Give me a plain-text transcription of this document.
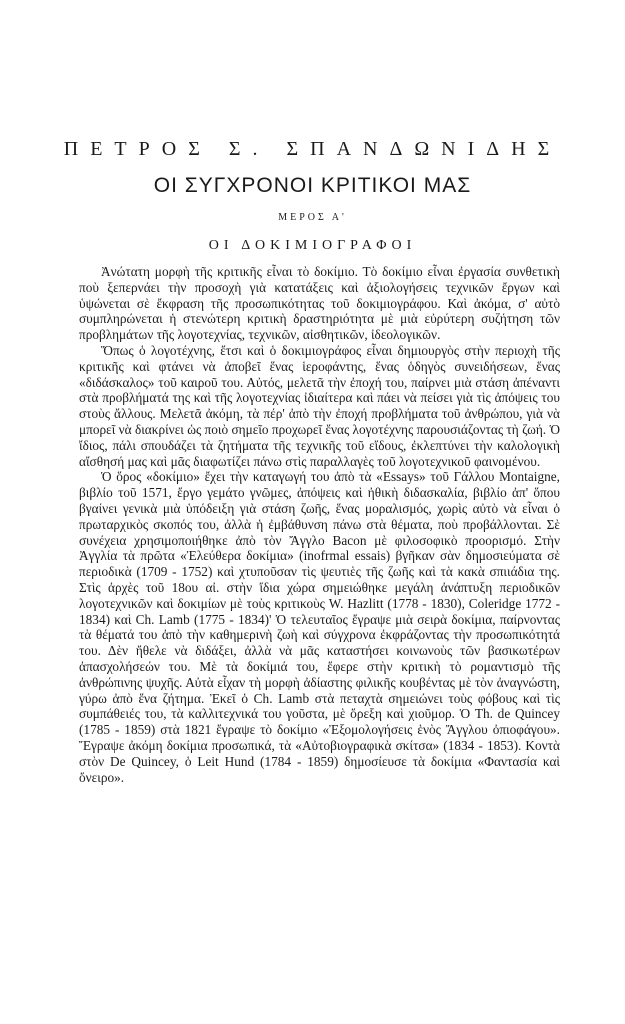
ΠΕΤΡΟΣ Σ. ΣΠΑΝΔΩΝΙΔΗΣ
ΟΙ ΣΥΓΧΡΟΝΟΙ ΚΡΙΤΙΚΟΙ ΜΑΣ
ΜΕΡΟΣ Α'
ΟΙ ΔΟΚΙΜΙΟΓΡΑΦΟΙ

Ἀνώτατη μορφὴ τῆς κριτικῆς εἶναι τὸ δοκίμιο. Τὸ δοκίμιο εἶναι ἐργασία συνθετικὴ ποὺ ξεπερνάει τὴν προσοχὴ γιὰ κατατάξεις καὶ ἀξιολογήσεις τεχνικῶν ἔργων καὶ ὑψώνεται σὲ ἔκφραση τῆς προσωπικότητας τοῦ δοκιμιογράφου. Καὶ ἀκόμα, σ' αὐτὸ συμπληρώνεται ἡ στενώτερη κριτικὴ δραστηριότητα μὲ μιὰ εὐρύτερη συζήτηση τῶν προβλημάτων τῆς λογοτεχνίας, τεχνικῶν, αἰσθητικῶν, ἰδεολογικῶν.

Ὅπως ὁ λογοτέχνης, ἔτσι καὶ ὁ δοκιμιογράφος εἶναι δημιουργὸς στὴν περιοχὴ τῆς κριτικῆς καὶ φτάνει νὰ ἀποβεῖ ἕνας ἱεροφάντης, ἕνας ὁδηγὸς συνειδήσεων, ἕνας «διδάσκαλος» τοῦ καιροῦ του. Αὐτός, μελετᾶ τὴν ἐποχή του, παίρνει μιὰ στάση ἀπέναντι στὰ προβλήματά της καὶ τῆς λογοτεχνίας ἰδιαίτερα καὶ πάει νὰ πείσει γιὰ τὶς ἀπόψεις του στοὺς ἄλλους. Μελετᾶ ἀκόμη, τὰ πέρ' ἀπὸ τὴν ἐποχή προβλήματα τοῦ ἀνθρώπου, γιὰ νὰ μπορεῖ νὰ διακρίνει ὡς ποιὸ σημεῖο προχωρεῖ ἕνας λογοτέχνης παρουσιάζοντας τὴ ζωή. Ὁ ἴδιος, πάλι σπουδάζει τὰ ζητήματα τῆς τεχνικῆς τοῦ εἴδους, ἐκλεπτύνει τὴν καλολογικὴ αἴσθησή μας καὶ μᾶς διαφωτίζει πάνω στὶς παραλλαγὲς τοῦ λογοτεχνικοῦ φαινομένου.

Ὁ ὅρος «δοκίμιο» ἔχει τὴν καταγωγή του ἀπὸ τὰ «Essays» τοῦ Γάλλου Montaigne, βιβλίο τοῦ 1571, ἔργο γεμάτο γνῶμες, ἀπόψεις καὶ ἠθικὴ διδασκαλία, βιβλίο ἀπ' ὅπου βγαίνει γενικὰ μιὰ ὑπόδειξη γιὰ στάση ζωῆς, ἕνας μοραλισμός, χωρὶς αὐτὸ νὰ εἶναι ὁ πρωταρχικὸς σκοπός του, ἀλλὰ ἡ ἐμβάθυνση πάνω στὰ θέματα, ποὺ προβάλλονται. Σὲ συνέχεια χρησιμοποιήθηκε ἀπὸ τὸν Ἄγγλο Bacon μὲ φιλοσοφικὸ προορισμό. Στὴν Ἀγγλία τὰ πρῶτα «Ἐλεύθερα δοκίμια» (inofrmal essais) βγῆκαν σὰν δημοσιεύματα σὲ περιοδικὰ (1709 - 1752) καὶ χτυποῦσαν τὶς ψευτιὲς τῆς ζωῆς καὶ τὰ κακὰ σπιιάδια της. Στὶς ἀρχὲς τοῦ 18ου αἰ. στὴν ἴδια χώρα σημειώθηκε μεγάλη ἀνάπτυξη περιοδικῶν λογοτεχνικῶν καὶ δοκιμίων μὲ τοὺς κριτικοὺς W. Hazlitt (1778 - 1830), Coleridge 1772 - 1834) καὶ Ch. Lamb (1775 - 1834)' Ὁ τελευταῖος ἔγραψε μιὰ σειρὰ δοκίμια, παίρνοντας τὰ θέματά του ἀπὸ τὴν καθημερινὴ ζωὴ καὶ σύγχρονα ἐκφράζοντας τὴν προσωπικότητά του. Δὲν ἤθελε νὰ διδάξει, ἀλλὰ νὰ μᾶς καταστήσει κοινωνοὺς τῶν βασικωτέρων ἀπασχολήσεών του. Μὲ τὰ δοκίμιά του, ἔφερε στὴν κριτικὴ τὸ ρομαντισμὸ τῆς ἀνθρώπινης ψυχῆς. Αὐτὰ εἶχαν τὴ μορφὴ ἀδίαστης φιλικῆς κουβέντας μὲ τὸν ἀναγνώστη, γύρω ἀπὸ ἕνα ζήτημα. Ἐκεῖ ὁ Ch. Lamb στὰ πεταχτὰ σημειώνει τοὺς φόβους καὶ τὶς συμπάθειές του, τὰ καλλιτεχνικά του γοῦστα, μὲ ὄρεξη καὶ χιοῦμορ. Ὁ Th. de Quincey (1785 - 1859) στὰ 1821 ἔγραψε τὸ δοκίμιο «Ἐξομολογήσεις ἑνὸς Ἄγγλου ὀπιοφάγου». Ἔγραψε ἀκόμη δοκίμια προσωπικά, τὰ «Αὐτοβιογραφικὰ σκίτσα» (1834 - 1853). Κοντὰ στὸν De Quincey, ὁ Leit Hund (1784 - 1859) δημοσίευσε τὰ δοκίμια «Φαντασία καὶ ὄνειρο».
